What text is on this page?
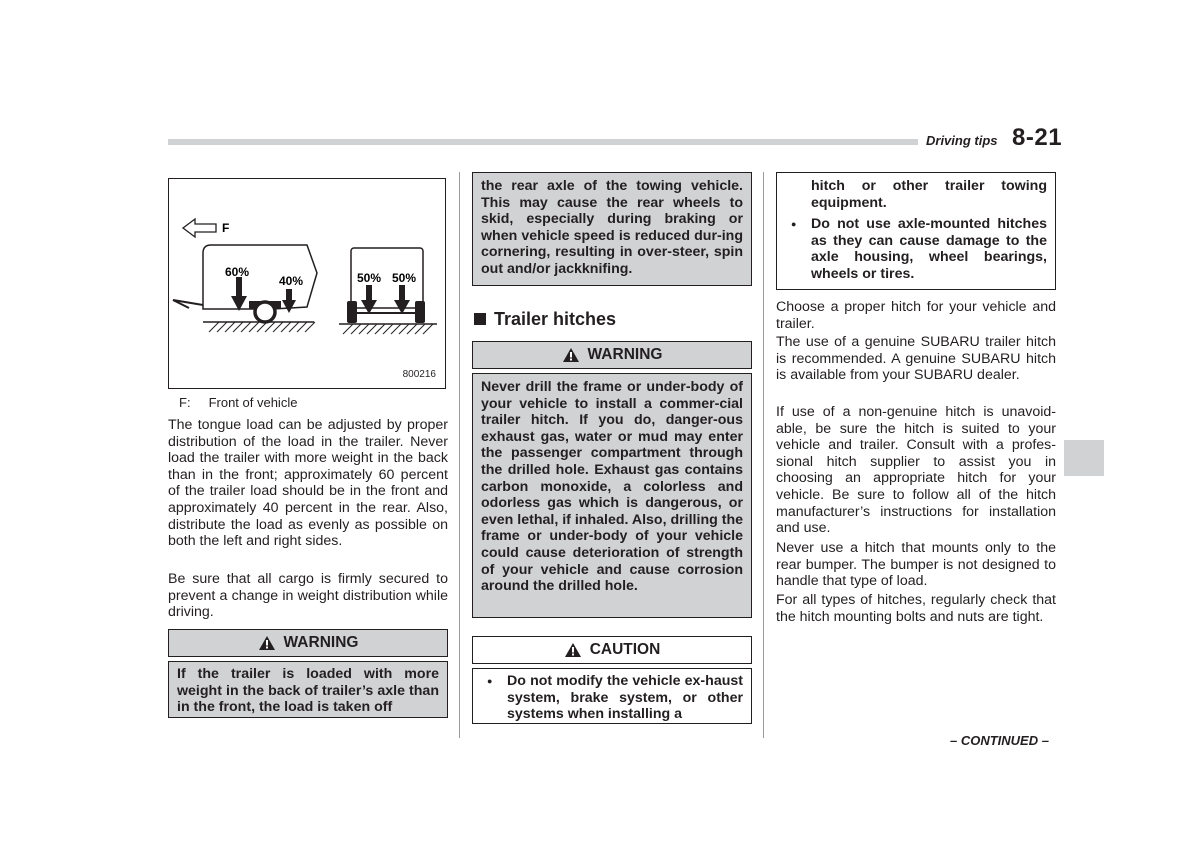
Driving tips 8-21
F
60%
40%	50% 50%
800216
F: Front of vehicle

The tongue load can be adjusted by proper distribution of the load in the trailer. Never load the trailer with more weight in the back than in the front; approximately 60 percent of the trailer load should be in the front and approximately 40 percent in the rear. Also, distribute the load as evenly as possible on both the left and right sides.

Be sure that all cargo is firmly secured to prevent a change in weight distribution while driving.

WARNING
If the trailer is loaded with more weight in the back of trailer’s axle than in the front, the load is taken off
the rear axle of the towing vehicle. This may cause the rear wheels to skid, especially during braking or when vehicle speed is reduced dur-ing cornering, resulting in over-steer, spin out and/or jackknifing.
Trailer hitches
WARNING
Never drill the frame or under-body of your vehicle to install a commer-cial trailer hitch. If you do, danger-ous exhaust gas, water or mud may enter the passenger compartment through the drilled hole. Exhaust gas contains carbon monoxide, a colorless and odorless gas which is dangerous, or even lethal, if inhaled. Also, drilling the frame or under-body of your vehicle could cause deterioration of strength of your vehicle and cause corrosion around the drilled hole.
CAUTION
● Do not modify the vehicle ex-haust system, brake system, or other systems when installing a
hitch or other trailer towing equipment.
● Do not use axle-mounted hitches as they can cause damage to the axle housing, wheel bearings, wheels or tires.

Choose a proper hitch for your vehicle and trailer.

The use of a genuine SUBARU trailer hitch is recommended. A genuine SUBARU hitch is available from your SUBARU dealer.

If use of a non-genuine hitch is unavoid-able, be sure the hitch is suited to your vehicle and trailer. Consult with a profes-sional hitch supplier to assist you in choosing an appropriate hitch for your vehicle. Be sure to follow all of the hitch manufacturer’s instructions for installation and use.

Never use a hitch that mounts only to the rear bumper. The bumper is not designed to handle that type of load.

For all types of hitches, regularly check that the hitch mounting bolts and nuts are tight.

– CONTINUED –
